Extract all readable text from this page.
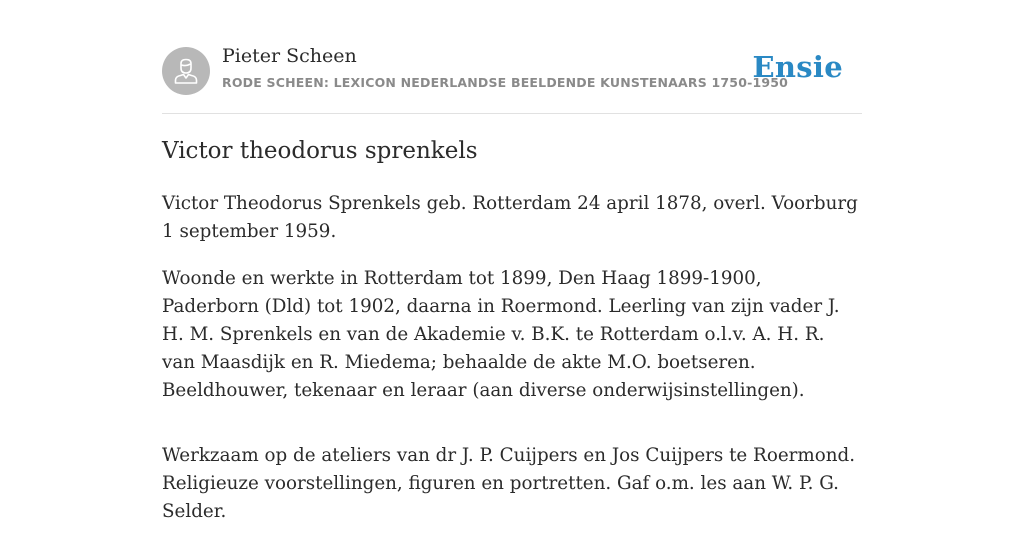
Pieter Scheen
RODE SCHEEN: LEXICON NEDERLANDSE BEELDENDE KUNSTENAARS 1750-1950
Ensie
Victor theodorus sprenkels

Victor Theodorus Sprenkels geb. Rotterdam 24 april 1878, overl. Voorburg 1 september 1959.

Woonde en werkte in Rotterdam tot 1899, Den Haag 1899-1900, Paderborn (Dld) tot 1902, daarna in Roermond. Leerling van zijn vader J. H. M. Sprenkels en van de Akademie v. B.K. te Rotterdam o.l.v. A. H. R. van Maasdijk en R. Miedema; behaalde de akte M.O. boetseren. Beeldhouwer, tekenaar en leraar (aan diverse onderwijsinstellingen).

Werkzaam op de ateliers van dr J. P. Cuijpers en Jos Cuijpers te Roermond. Religieuze voorstellingen, figuren en portretten. Gaf o.m. les aan W. P. G. Selder.
